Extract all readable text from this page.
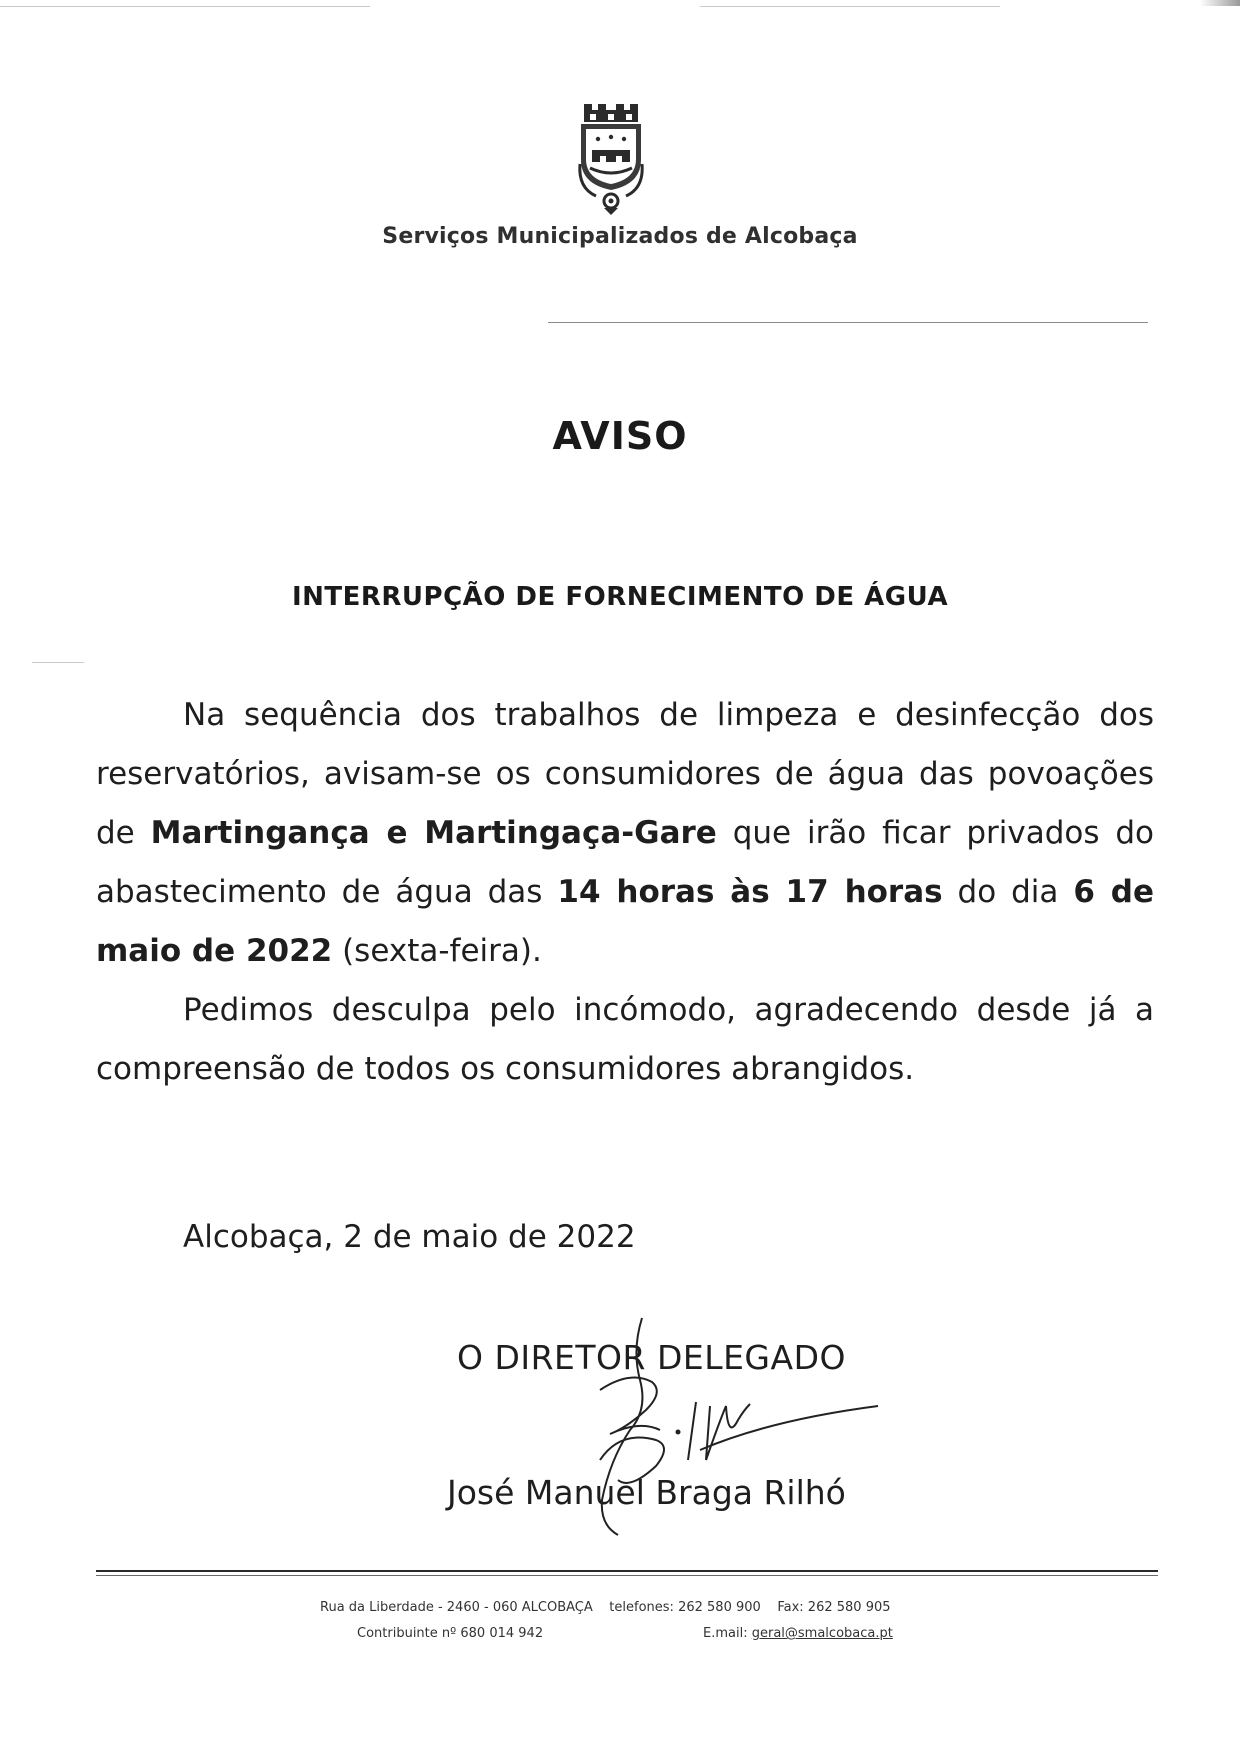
Serviços Municipalizados de Alcobaça
AVISO
INTERRUPÇÃO DE FORNECIMENTO DE ÁGUA

Na sequência dos trabalhos de limpeza e desinfecção dos reservatórios, avisam-se os consumidores de água das povoações de Martingança e Martingaça-Gare que irão ficar privados do abastecimento de água das 14 horas às 17 horas do dia 6 de maio de 2022 (sexta-feira).

Pedimos desculpa pelo incómodo, agradecendo desde já a compreensão de todos os consumidores abrangidos.

Alcobaça, 2 de maio de 2022
O DIRETOR DELEGADO
José Manuel Braga Rilhó
Rua da Liberdade - 2460 - 060 ALCOBAÇA telefones: 262 580 900 Fax: 262 580 905
Contribuinte nº 680 014 942	E.mail: geral@smalcobaca.pt
